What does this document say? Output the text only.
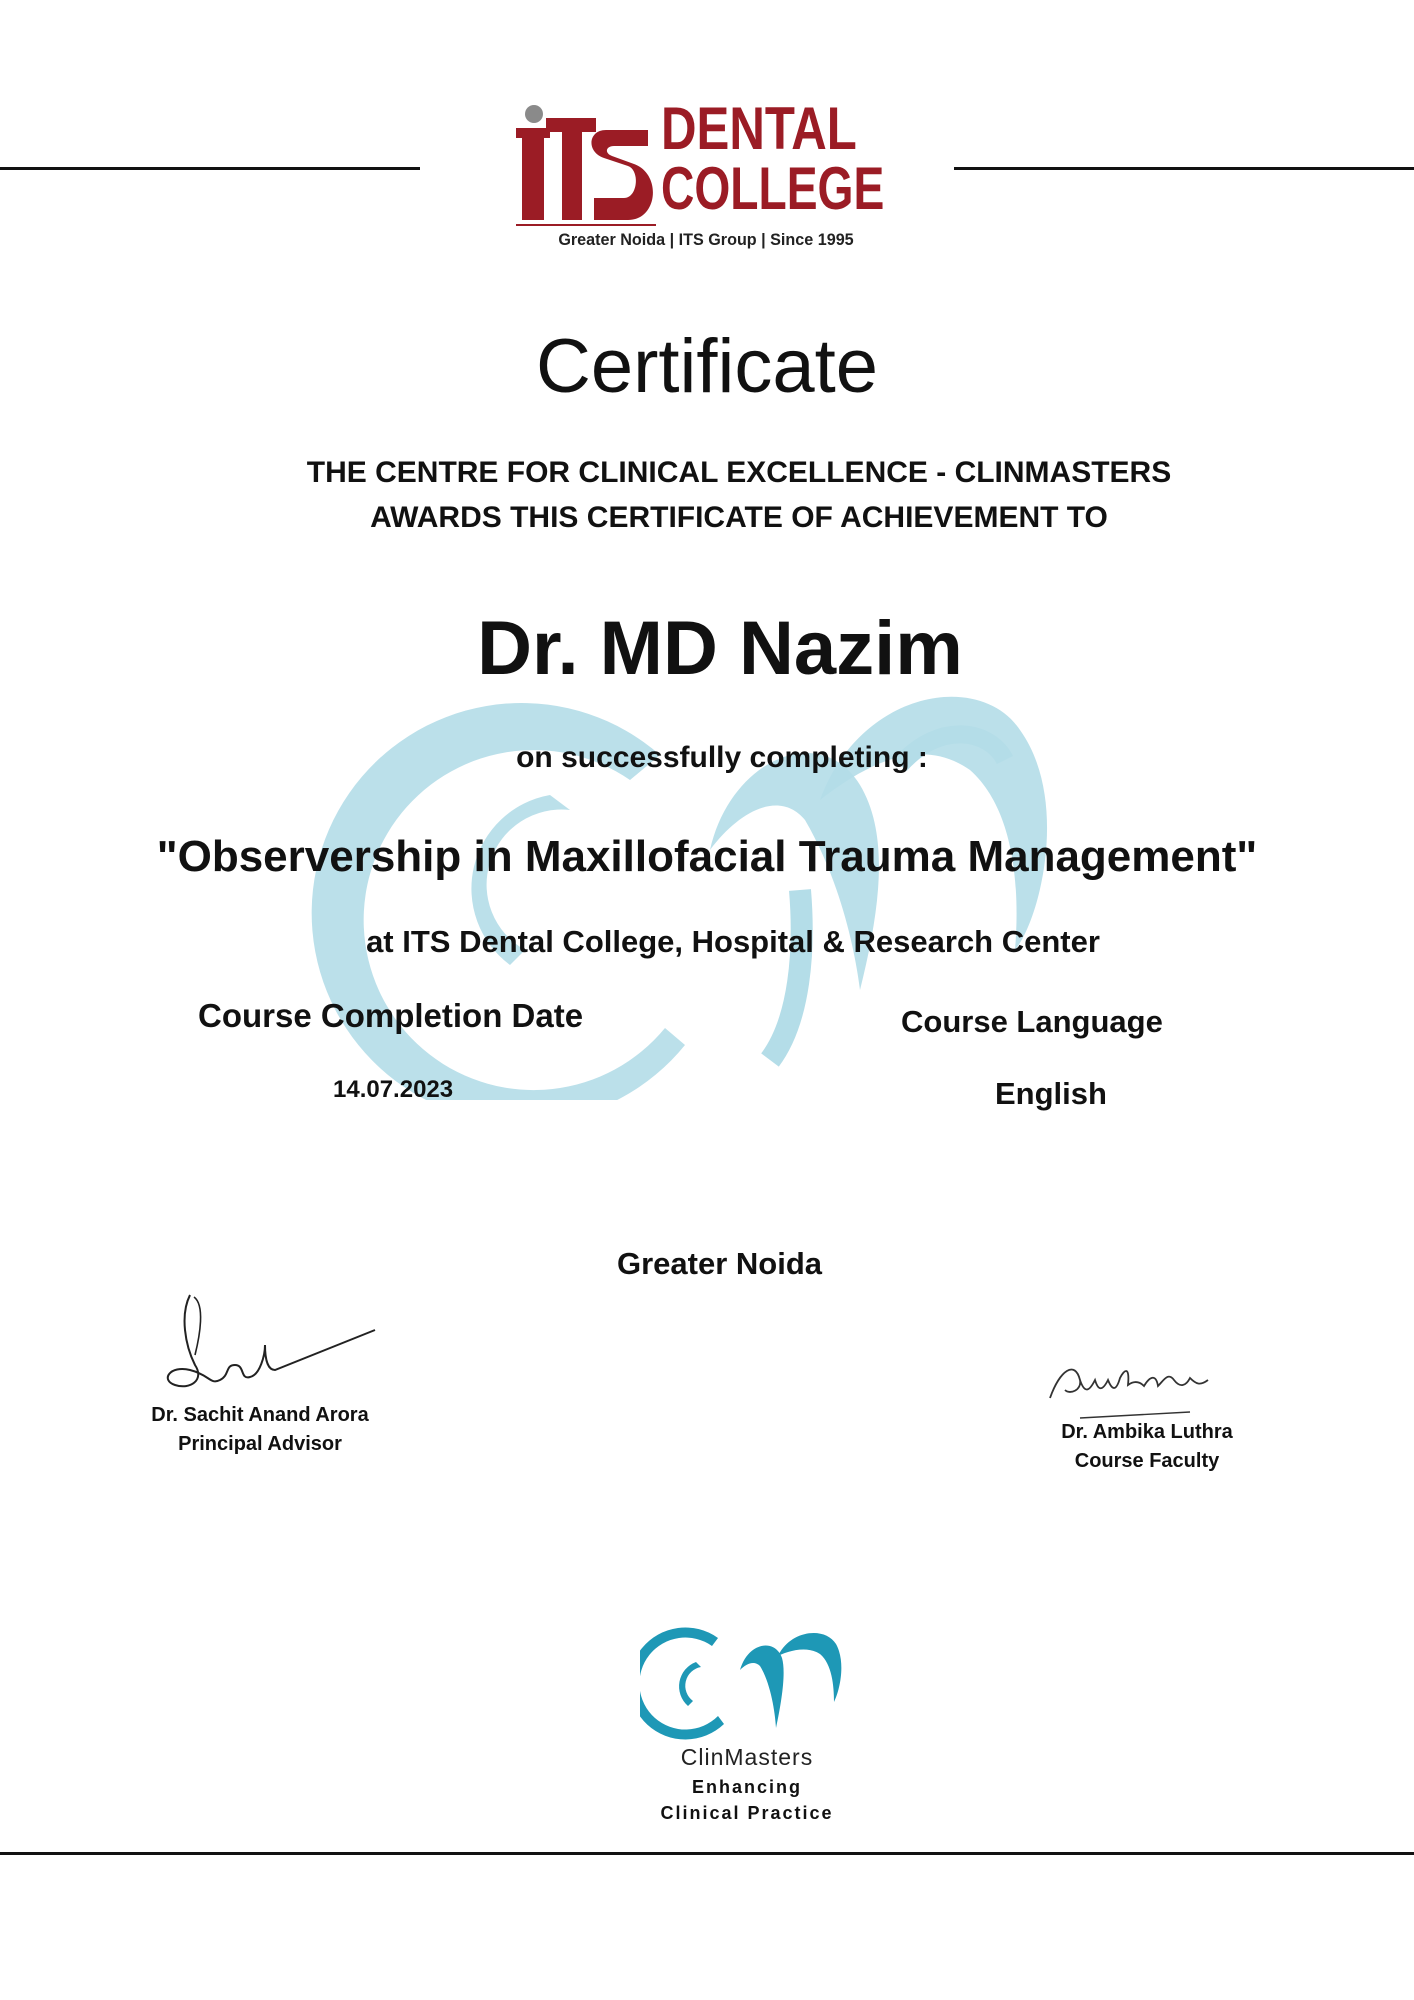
DENTAL
COLLEGE
Greater Noida | ITS Group | Since 1995
Certificate
THE CENTRE FOR CLINICAL EXCELLENCE - CLINMASTERS
AWARDS THIS CERTIFICATE OF ACHIEVEMENT TO
Dr. MD Nazim
on successfully completing :
"Observership in Maxillofacial Trauma Management"
at ITS Dental College, Hospital & Research Center
Course Completion Date
14.07.2023
Course Language
English
Greater Noida
Dr. Sachit Anand Arora
Principal Advisor
Dr. Ambika Luthra
Course Faculty
ClinMasters
Enhancing
Clinical Practice
